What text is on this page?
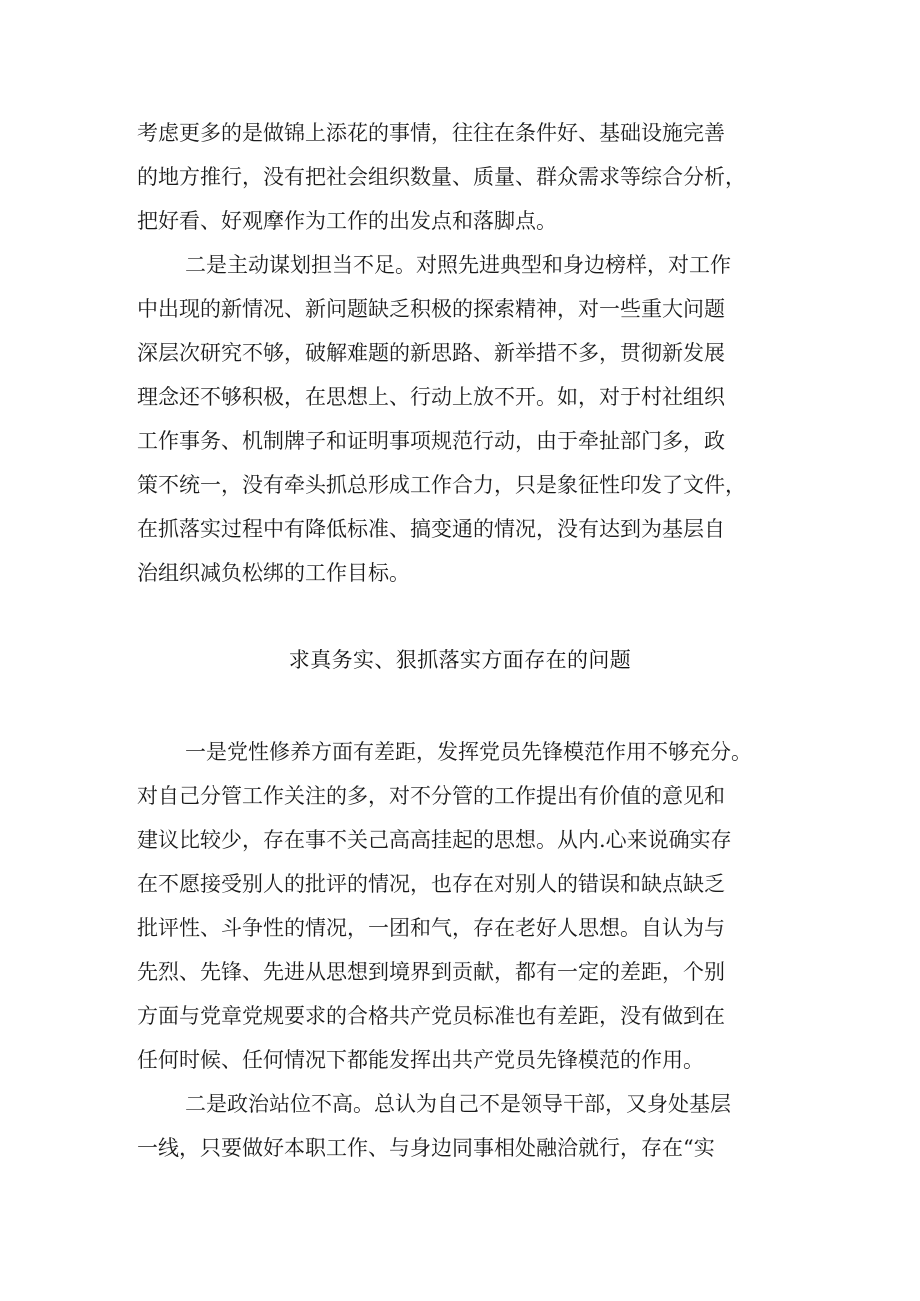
考虑更多的是做锦上添花的事情，往往在条件好、基础设施完善
的地方推行，没有把社会组织数量、质量、群众需求等综合分析，
把好看、好观摩作为工作的出发点和落脚点。
二是主动谋划担当不足。对照先进典型和身边榜样，对工作
中出现的新情况、新问题缺乏积极的探索精神，对一些重大问题
深层次研究不够，破解难题的新思路、新举措不多，贯彻新发展
理念还不够积极，在思想上、行动上放不开。如，对于村社组织
工作事务、机制牌子和证明事项规范行动，由于牵扯部门多，政
策不统一，没有牵头抓总形成工作合力，只是象征性印发了文件，
在抓落实过程中有降低标准、搞变通的情况，没有达到为基层自
治组织减负松绑的工作目标。
求真务实、狠抓落实方面存在的问题
一是党性修养方面有差距，发挥党员先锋模范作用不够充分。
对自己分管工作关注的多，对不分管的工作提出有价值的意见和
建议比较少，存在事不关己高高挂起的思想。从内.心来说确实存
在不愿接受别人的批评的情况，也存在对别人的错误和缺点缺乏
批评性、斗争性的情况，一团和气，存在老好人思想。自认为与
先烈、先锋、先进从思想到境界到贡献，都有一定的差距，个别
方面与党章党规要求的合格共产党员标准也有差距，没有做到在
任何时候、任何情况下都能发挥出共产党员先锋模范的作用。
二是政治站位不高。总认为自己不是领导干部，又身处基层
一线，只要做好本职工作、与身边同事相处融洽就行，存在“实
